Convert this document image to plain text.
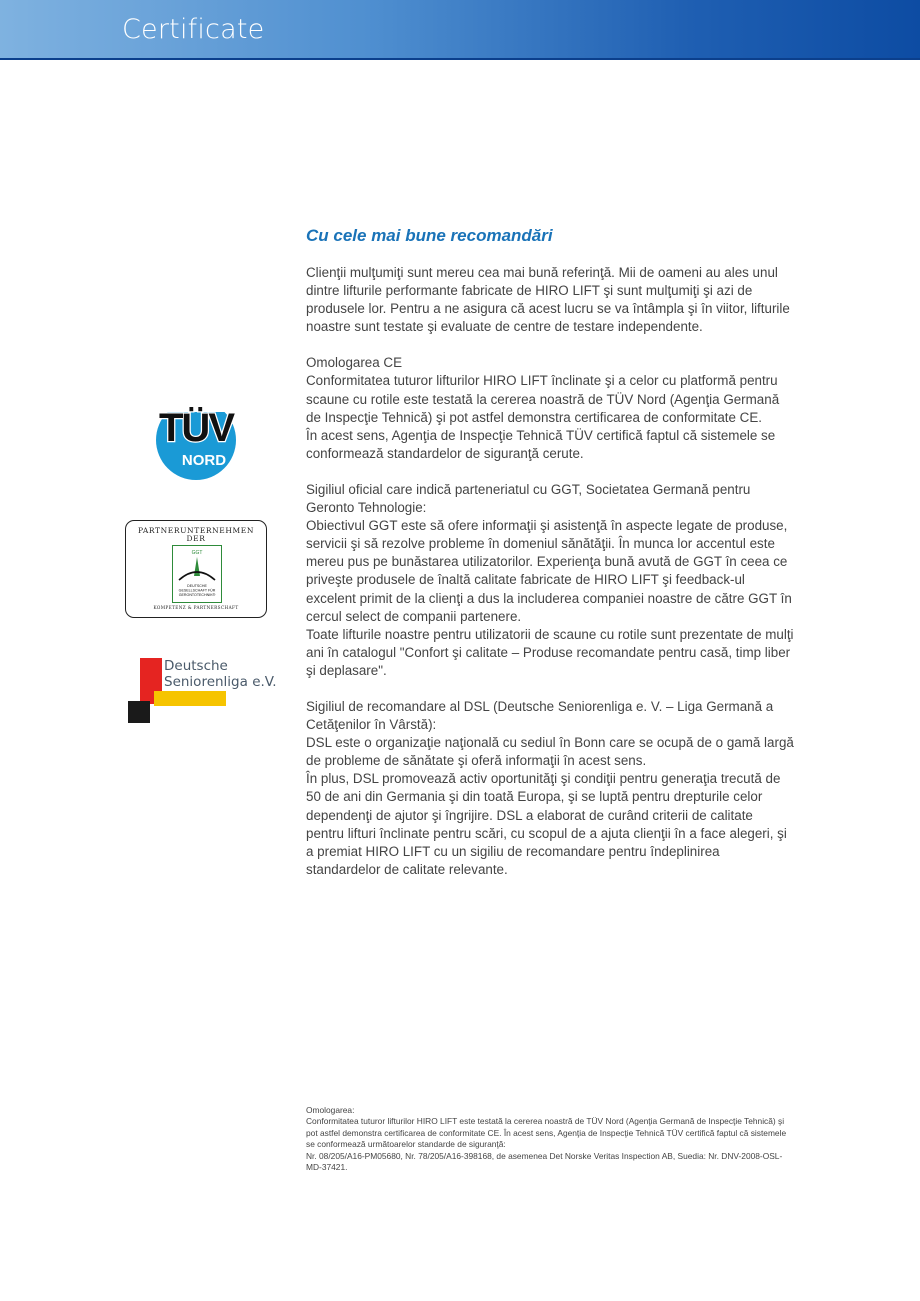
Certificate
TÜV
NORD
PARTNERUNTERNEHMEN
DER
GGT
DEUTSCHE
GESELLSCHAFT FÜR
GERONTOTECHNIK®
KOMPETENZ & PARTNERSCHAFT
Deutsche
Seniorenliga e.V.
Cu cele mai bune recomandări

Clienţii mulţumiţi sunt mereu cea mai bună referinţă. Mii de oameni au ales unul dintre lifturile performante fabricate de HIRO LIFT şi sunt mulţumiţi şi azi de produsele lor. Pentru a ne asigura că acest lucru se va întâmpla şi în viitor, lifturile noastre sunt testate şi evaluate de centre de testare independente.

Omologarea CE

Conformitatea tuturor lifturilor HIRO LIFT înclinate şi a celor cu platformă pentru scaune cu rotile este testată la cererea noastră de TÜV Nord (Agenţia Germană de Inspecţie Tehnică) şi pot astfel demonstra certificarea de conformitate CE.

În acest sens, Agenţia de Inspecţie Tehnică TÜV certifică faptul că sistemele se conformează standardelor de siguranţă cerute.

Sigiliul oficial care indică parteneriatul cu GGT, Societatea Germană pentru Geronto Tehnologie:

Obiectivul GGT este să ofere informaţii şi asistenţă în aspecte legate de produse, servicii şi să rezolve probleme în domeniul sănătăţii. În munca lor accentul este mereu pus pe bunăstarea utilizatorilor. Experienţa bună avută de GGT în ceea ce priveşte produsele de înaltă calitate fabricate de HIRO LIFT şi feedback-ul excelent primit de la clienţi a dus la includerea companiei noastre de către GGT în cercul select de companii partenere.

Toate lifturile noastre pentru utilizatorii de scaune cu rotile sunt prezentate de mulţi ani în catalogul "Confort şi calitate – Produse recomandate pentru casă, timp liber şi deplasare".

Sigiliul de recomandare al DSL (Deutsche Seniorenliga e. V. – Liga Germană a Cetăţenilor în Vârstă):

DSL este o organizaţie naţională cu sediul în Bonn care se ocupă de o gamă largă de probleme de sănătate şi oferă informaţii în acest sens.

În plus, DSL promovează activ oportunităţi şi condiţii pentru generaţia trecută de 50 de ani din Germania şi din toată Europa, şi se luptă pentru drepturile celor dependenţi de ajutor şi îngrijire. DSL a elaborat de curând criterii de calitate pentru lifturi înclinate pentru scări, cu scopul de a ajuta clienţii în a face alegeri, şi a premiat HIRO LIFT cu un sigiliu de recomandare pentru îndeplinirea standardelor de calitate relevante.

Omologarea:

Conformitatea tuturor lifturilor HIRO LIFT este testată la cererea noastră de TÜV Nord (Agenţia Germană de Inspecţie Tehnică) şi pot astfel demonstra certificarea de conformitate CE. În acest sens, Agenţia de Inspecţie Tehnică TÜV certifică faptul că sistemele se conformează următoarelor standarde de siguranţă:

Nr. 08/205/A16-PM05680, Nr. 78/205/A16-398168, de asemenea Det Norske Veritas Inspection AB, Suedia: Nr. DNV-2008-OSL-MD-37421.
